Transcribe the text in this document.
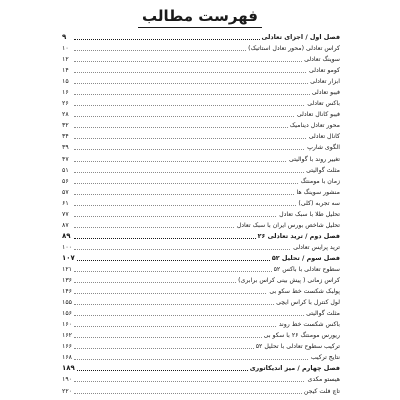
فهرست مطالب
۹	فصل اول / اجزای تعادلی
۱۰	کراس تعادلی (محور تعادل استاتیک)
۱۲	سوینگ تعادلی
۱۴	کومو تعادلی
۱۵	ابزار تعادلی
۱۶	فیبو تعادلی
۲۶	باکس تعادلی
۲۸	فیبو کانال تعادلی
۳۲	محور تعادل دینامیک
۳۴	کانال تعادلی
۳۹	الگوی شارپ
۴۷	تغییر روند با گوالیتی
۵۱	مثلث گوالیتی
۵۶	زمان با مومنتگ
۵۷	منشور سوینگ ها
۶۱	سه تجربه (کلی)
۷۷	تحلیل طلا با سبک تعادل
۸۷	تحلیل شاخص بورس ایران با سبک تعادل
۸۹	فصل دوم / ترید تعادلی ۲۶
۱۰۰	ترید پرایس تعادلی
۱۰۷	فصل سوم / تحلیل ۵۲
۱۲۱	سطوح تعادلی با باکس ۵۲
۱۳۶	کراس زمانی ( پیش بینی کراس برابری)
۱۴۶	پولبک شکست خط سکو بی
۱۵۵	لول کنترل با کراس ایچی
۱۵۶	مثلث گوالیتی
۱۶۰	باکس شکست خط روند
۱۶۲	ریورس مومنتگ ۲۶ با سکو بی
۱۶۶	ترکیب سطوح تعادلی با تحلیل ۵۲
۱۶۸	نتایج ترکیب
۱۸۹	فصل چهارم / میز اندیکاتوری
۱۹۰	هیستو مکدی
۲۲۰	تاچ فلت کیجن
